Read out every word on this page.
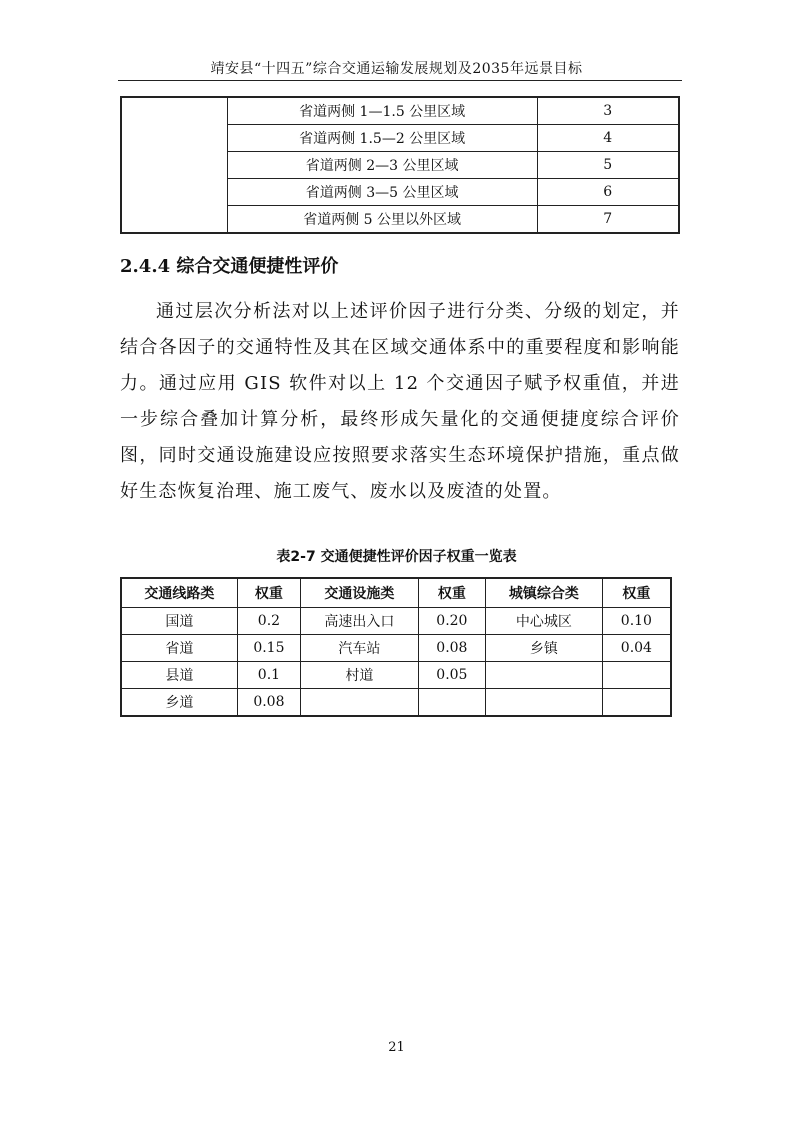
靖安县“十四五”综合交通运输发展规划及2035年远景目标
	省道两侧 1—1.5 公里区域	3
	省道两侧 1.5—2 公里区域	4
	省道两侧 2—3 公里区域	5
	省道两侧 3—5 公里区域	6
	省道两侧 5 公里以外区域	7
2.4.4 综合交通便捷性评价
通过层次分析法对以上述评价因子进行分类、分级的划定，并结合各因子的交通特性及其在区域交通体系中的重要程度和影响能力。通过应用 GIS 软件对以上 12 个交通因子赋予权重值，并进一步综合叠加计算分析，最终形成矢量化的交通便捷度综合评价图，同时交通设施建设应按照要求落实生态环境保护措施，重点做好生态恢复治理、施工废气、废水以及废渣的处置。
表2-7 交通便捷性评价因子权重一览表
交通线路类	权重	交通设施类	权重	城镇综合类	权重
国道	0.2	高速出入口	0.20	中心城区	0.10
省道	0.15	汽车站	0.08	乡镇	0.04
县道	0.1	村道	0.05		
乡道	0.08				
21
